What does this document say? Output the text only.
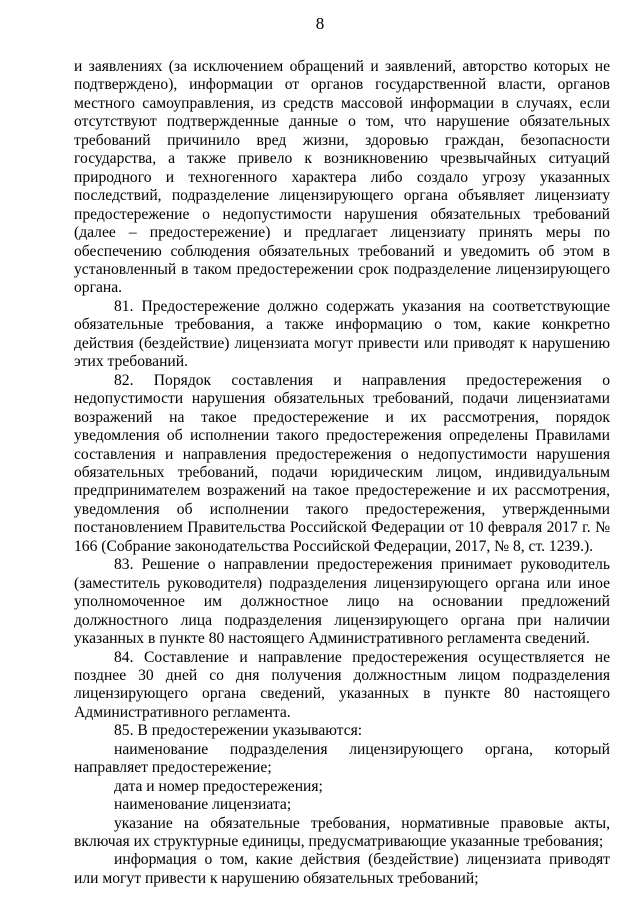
8

и заявлениях (за исключением обращений и заявлений, авторство которых не подтверждено), информации от органов государственной власти, органов местного самоуправления, из средств массовой информации в случаях, если отсутствуют подтвержденные данные о том, что нарушение обязательных требований причинило вред жизни, здоровью граждан, безопасности государства, а также привело к возникновению чрезвычайных ситуаций природного и техногенного характера либо создало угрозу указанных последствий, подразделение лицензирующего органа объявляет лицензиату предостережение о недопустимости нарушения обязательных требований (далее – предостережение) и предлагает лицензиату принять меры по обеспечению соблюдения обязательных требований и уведомить об этом в установленный в таком предостережении срок подразделение лицензирующего органа.

81. Предостережение должно содержать указания на соответствующие обязательные требования, а также информацию о том, какие конкретно действия (бездействие) лицензиата могут привести или приводят к нарушению этих требований.

82. Порядок составления и направления предостережения о недопустимости нарушения обязательных требований, подачи лицензиатами возражений на такое предостережение и их рассмотрения, порядок уведомления об исполнении такого предостережения определены Правилами составления и направления предостережения о недопустимости нарушения обязательных требований, подачи юридическим лицом, индивидуальным предпринимателем возражений на такое предостережение и их рассмотрения, уведомления об исполнении такого предостережения, утвержденными постановлением Правительства Российской Федерации от 10 февраля 2017 г. № 166 (Собрание законодательства Российской Федерации, 2017, № 8, ст. 1239.).

83. Решение о направлении предостережения принимает руководитель (заместитель руководителя) подразделения лицензирующего органа или иное уполномоченное им должностное лицо на основании предложений должностного лица подразделения лицензирующего органа при наличии указанных в пункте 80 настоящего Административного регламента сведений.

84. Составление и направление предостережения осуществляется не позднее 30 дней со дня получения должностным лицом подразделения лицензирующего органа сведений, указанных в пункте 80 настоящего Административного регламента.

85. В предостережении указываются:

наименование подразделения лицензирующего органа, который направляет предостережение;

дата и номер предостережения;

наименование лицензиата;

указание на обязательные требования, нормативные правовые акты, включая их структурные единицы, предусматривающие указанные требования;

информация о том, какие действия (бездействие) лицензиата приводят или могут привести к нарушению обязательных требований;
